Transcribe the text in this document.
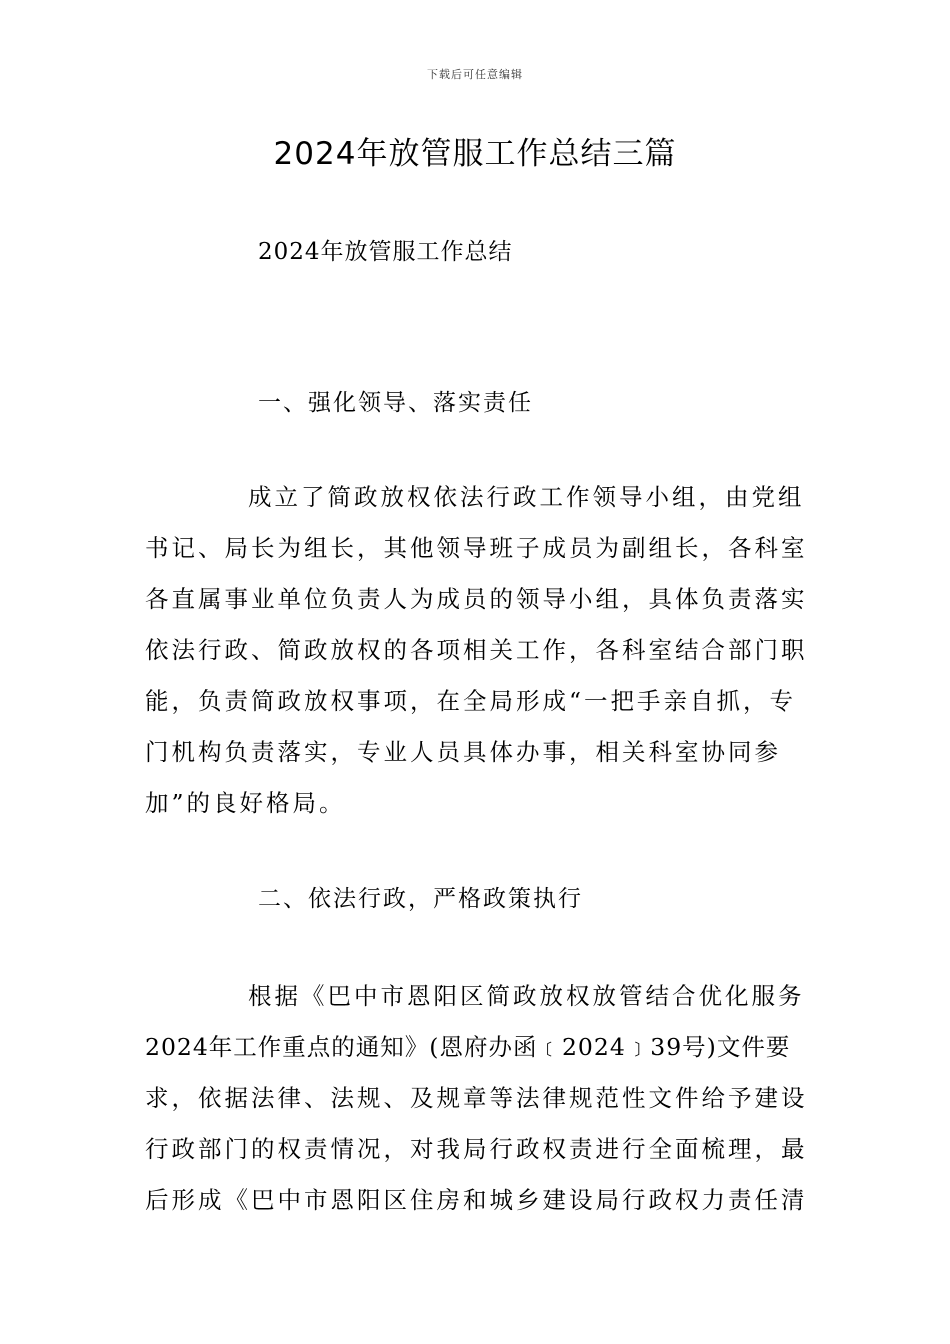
下载后可任意编辑
2024年放管服工作总结三篇
2024年放管服工作总结
一、强化领导、落实责任
成立了简政放权依法行政工作领导小组，由党组
书记、局长为组长，其他领导班子成员为副组长，各科室
各直属事业单位负责人为成员的领导小组，具体负责落实
依法行政、简政放权的各项相关工作，各科室结合部门职
能，负责简政放权事项，在全局形成“一把手亲自抓，专
门机构负责落实，专业人员具体办事，相关科室协同参
加”的良好格局。
二、依法行政，严格政策执行
根据《巴中市恩阳区简政放权放管结合优化服务
2024年工作重点的通知》(恩府办函﹝2024﹞39号)文件要
求，依据法律、法规、及规章等法律规范性文件给予建设
行政部门的权责情况，对我局行政权责进行全面梳理，最
后形成《巴中市恩阳区住房和城乡建设局行政权力责任清
